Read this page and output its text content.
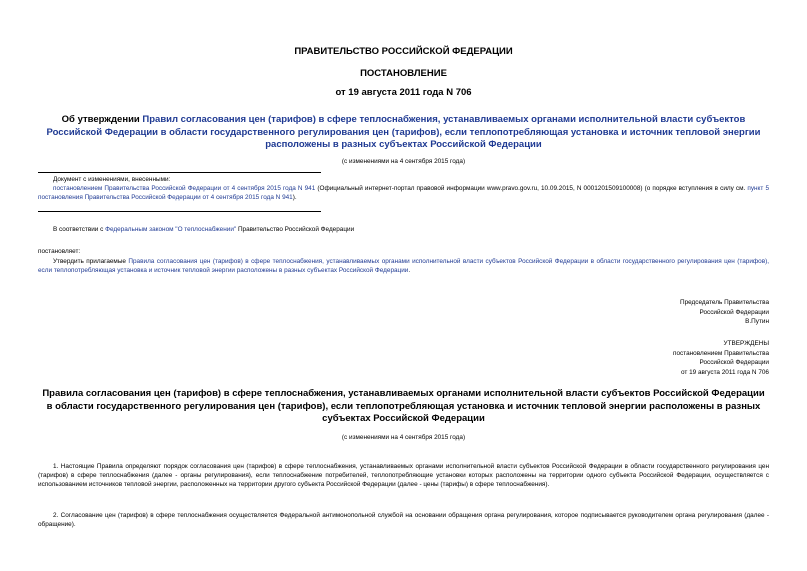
ПРАВИТЕЛЬСТВО РОССИЙСКОЙ ФЕДЕРАЦИИ
ПОСТАНОВЛЕНИЕ
от 19 августа 2011 года N 706
Об утверждении Правил согласования цен (тарифов) в сфере теплоснабжения, устанавливаемых органами исполнительной власти субъектов Российской Федерации в области государственного регулирования цен (тарифов), если теплопотребляющая установка и источник тепловой энергии расположены в разных субъектах Российской Федерации
(с изменениями на 4 сентября 2015 года)

Документ с изменениями, внесенными:

постановлением Правительства Российской Федерации от 4 сентября 2015 года N 941 (Официальный интернет-портал правовой информации www.pravo.gov.ru, 10.09.2015, N 0001201509100008) (о порядке вступления в силу см. пункт 5 постановления Правительства Российской Федерации от 4 сентября 2015 года N 941).

В соответствии с Федеральным законом "О теплоснабжении" Правительство Российской Федерации
постановляет:
Утвердить прилагаемые Правила согласования цен (тарифов) в сфере теплоснабжения, устанавливаемых органами исполнительной власти субъектов Российской Федерации в области государственного регулирования цен (тарифов), если теплопотребляющая установка и источник тепловой энергии расположены в разных субъектах Российской Федерации.
Председатель Правительства
Российской Федерации
В.Путин
УТВЕРЖДЕНЫ
постановлением Правительства
Российской Федерации
от 19 августа 2011 года N 706
Правила согласования цен (тарифов) в сфере теплоснабжения, устанавливаемых органами исполнительной власти субъектов Российской Федерации в области государственного регулирования цен (тарифов), если теплопотребляющая установка и источник тепловой энергии расположены в разных субъектах Российской Федерации
(с изменениями на 4 сентября 2015 года)
1. Настоящие Правила определяют порядок согласования цен (тарифов) в сфере теплоснабжения, устанавливаемых органами исполнительной власти субъектов Российской Федерации в области государственного регулирования цен (тарифов) в сфере теплоснабжения (далее - органы регулирования), если теплоснабжение потребителей, теплопотребляющие установки которых расположены на территории одного субъекта Российской Федерации, осуществляется с использованием источников тепловой энергии, расположенных на территории другого субъекта Российской Федерации (далее - цены (тарифы) в сфере теплоснабжения).
2. Согласование цен (тарифов) в сфере теплоснабжения осуществляется Федеральной антимонопольной службой на основании обращения органа регулирования, которое подписывается руководителем органа регулирования (далее - обращение).
